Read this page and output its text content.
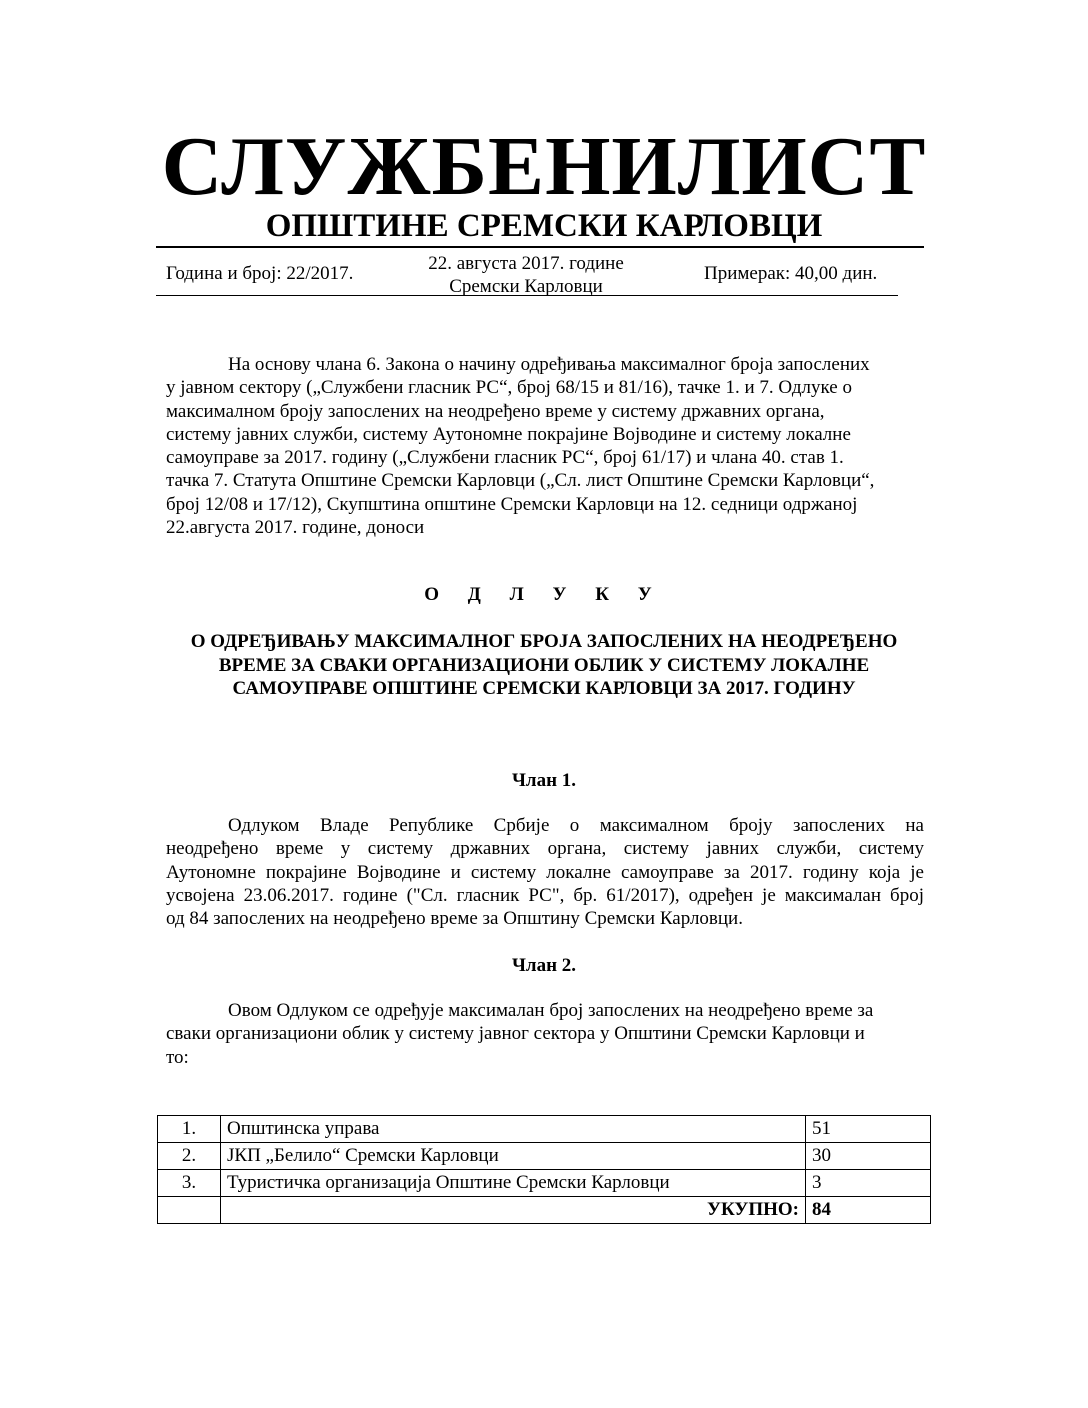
СЛУЖБЕНИЛИСТ
ОПШТИНЕ СРЕМСКИ КАРЛОВЦИ
Година и број: 22/2017.	22. августа 2017. године
Сремски Карловци
Примерак: 40,00 дин.

На основу члана 6. Закона о начину одређивања максималног броја запослених
у јавном сектору („Службени гласник РС“, број 68/15 и 81/16), тачке 1. и 7. Одлуке о
максималном броју запослених на неодређено време у систему државних органа,
систему јавних служби, систему Аутономне покрајине Војводине и систему локалне
самоуправе за 2017. годину („Службени гласник РС“, број 61/17) и члана 40. став 1.
тачка 7. Статута Општине Сремски Карловци („Сл. лист Општине Сремски Карловци“,
број 12/08 и 17/12), Скупштина општине Сремски Карловци на 12. седници одржаној
22.августа 2017. године, доноси

О Д Л У К У
О ОДРЕЂИВАЊУ МАКСИМАЛНОГ БРОЈА ЗАПОСЛЕНИХ НА НЕОДРЕЂЕНО
ВРЕМЕ ЗА СВАКИ ОРГАНИЗАЦИОНИ ОБЛИК У СИСТЕМУ ЛОКАЛНЕ
САМОУПРАВЕ ОПШТИНЕ СРЕМСКИ КАРЛОВЦИ ЗА 2017. ГОДИНУ
Члан 1.

Одлуком Владе Републике Србије о максималном броју запослених на
неодређено време у систему државних органа, систему јавних служби, систему
Аутономне покрајине Војводине и систему локалне самоуправе за 2017. годину која је
усвојена 23.06.2017. године ("Сл. гласник РС", бр. 61/2017), одређен је максималан број
од 84 запослених на неодређено време за Општину Сремски Карловци.

Члан 2.

Овом Одлуком се одређује максималан број запослених на неодређено време за
сваки организациони облик у систему јавног сектора у Општини Сремски Карловци и
то:

1.	Општинска управа	51
2.	ЈКП „Белило“ Сремски Карловци	30
3.	Туристичка организација Општине Сремски Карловци	3
	УКУПНО:	84
